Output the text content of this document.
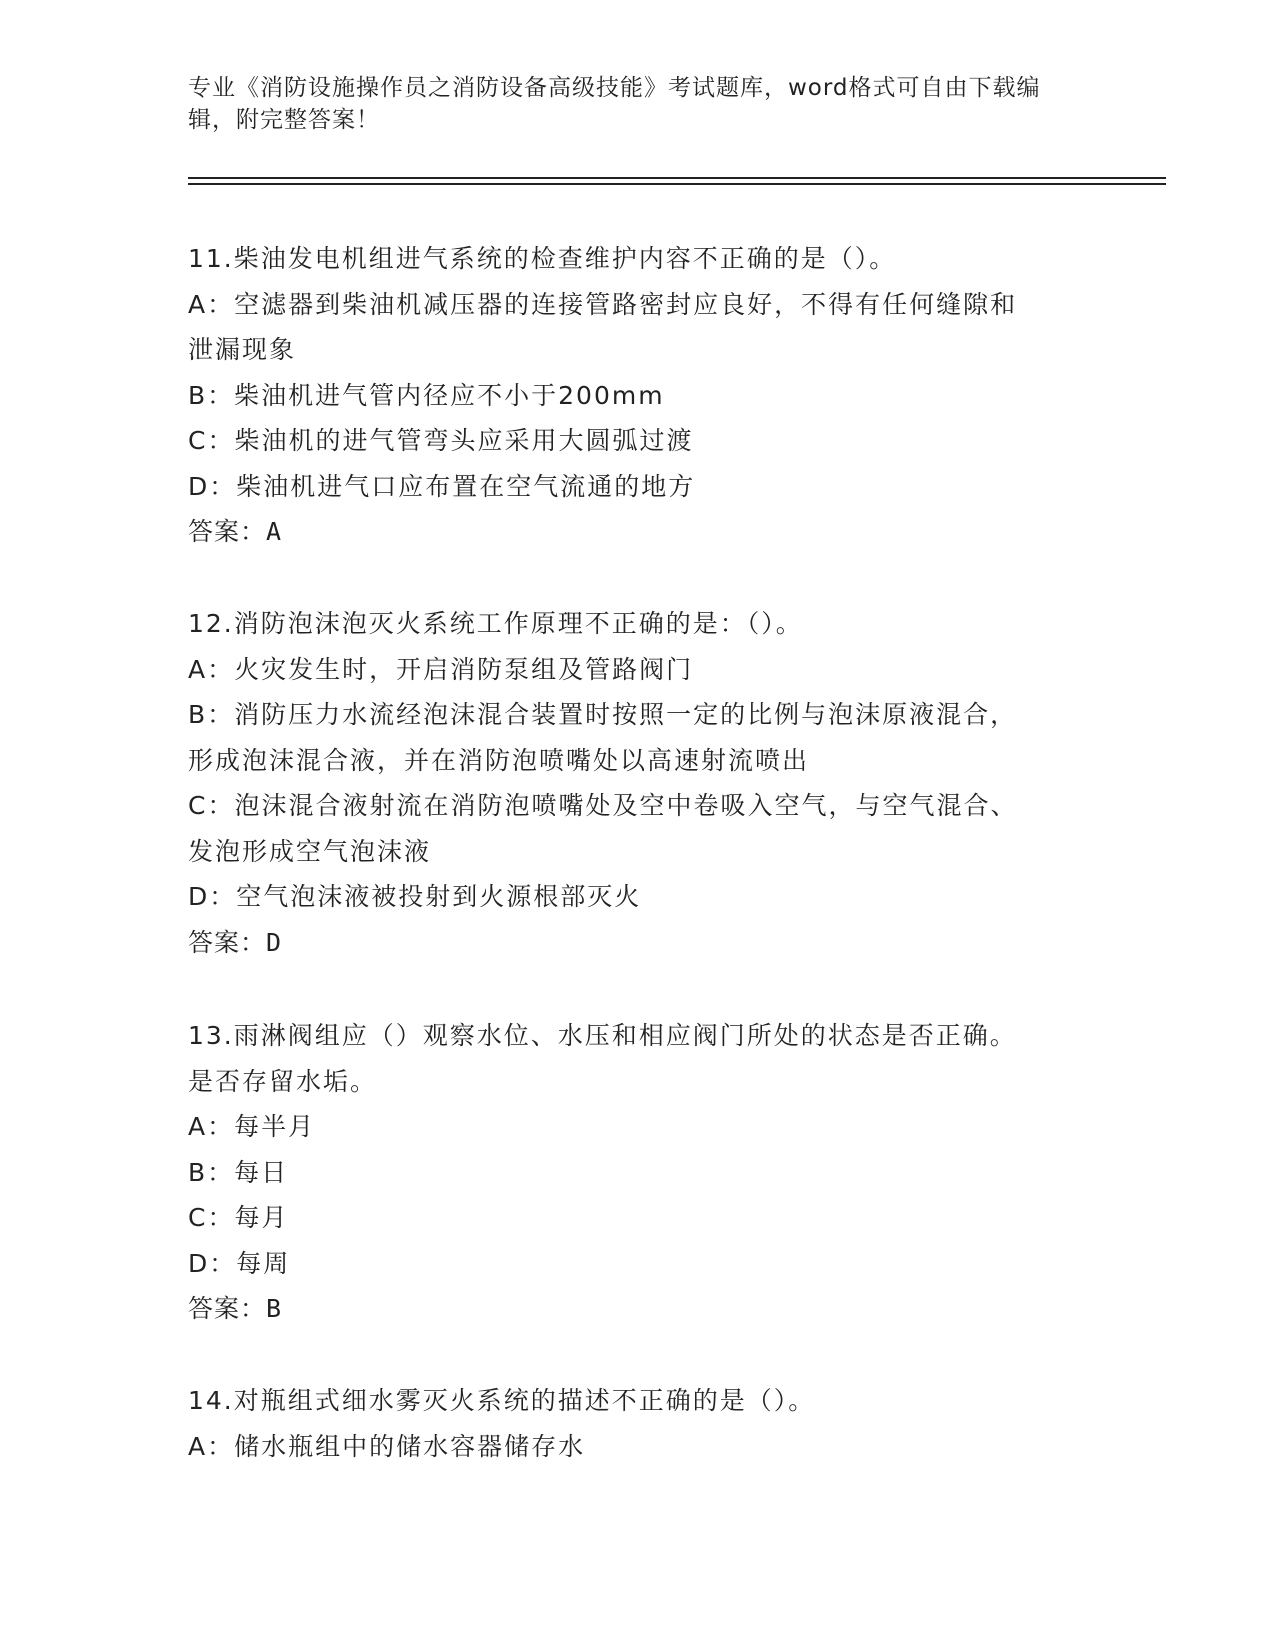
专业《消防设施操作员之消防设备高级技能》考试题库，word格式可自由下载编
辑，附完整答案！
11.柴油发电机组进气系统的检查维护内容不正确的是（）。
A：空滤器到柴油机减压器的连接管路密封应良好，不得有任何缝隙和
泄漏现象
B：柴油机进气管内径应不小于200mm
C：柴油机的进气管弯头应采用大圆弧过渡
D：柴油机进气口应布置在空气流通的地方
答案：A
12.消防泡沫泡灭火系统工作原理不正确的是：（）。
A：火灾发生时，开启消防泵组及管路阀门
B：消防压力水流经泡沫混合装置时按照一定的比例与泡沫原液混合，
形成泡沫混合液，并在消防泡喷嘴处以高速射流喷出
C：泡沫混合液射流在消防泡喷嘴处及空中卷吸入空气，与空气混合、
发泡形成空气泡沫液
D：空气泡沫液被投射到火源根部灭火
答案：D
13.雨淋阀组应（）观察水位、水压和相应阀门所处的状态是否正确。
是否存留水垢。
A：每半月
B：每日
C：每月
D：每周
答案：B
14.对瓶组式细水雾灭火系统的描述不正确的是（）。
A：储水瓶组中的储水容器储存水
